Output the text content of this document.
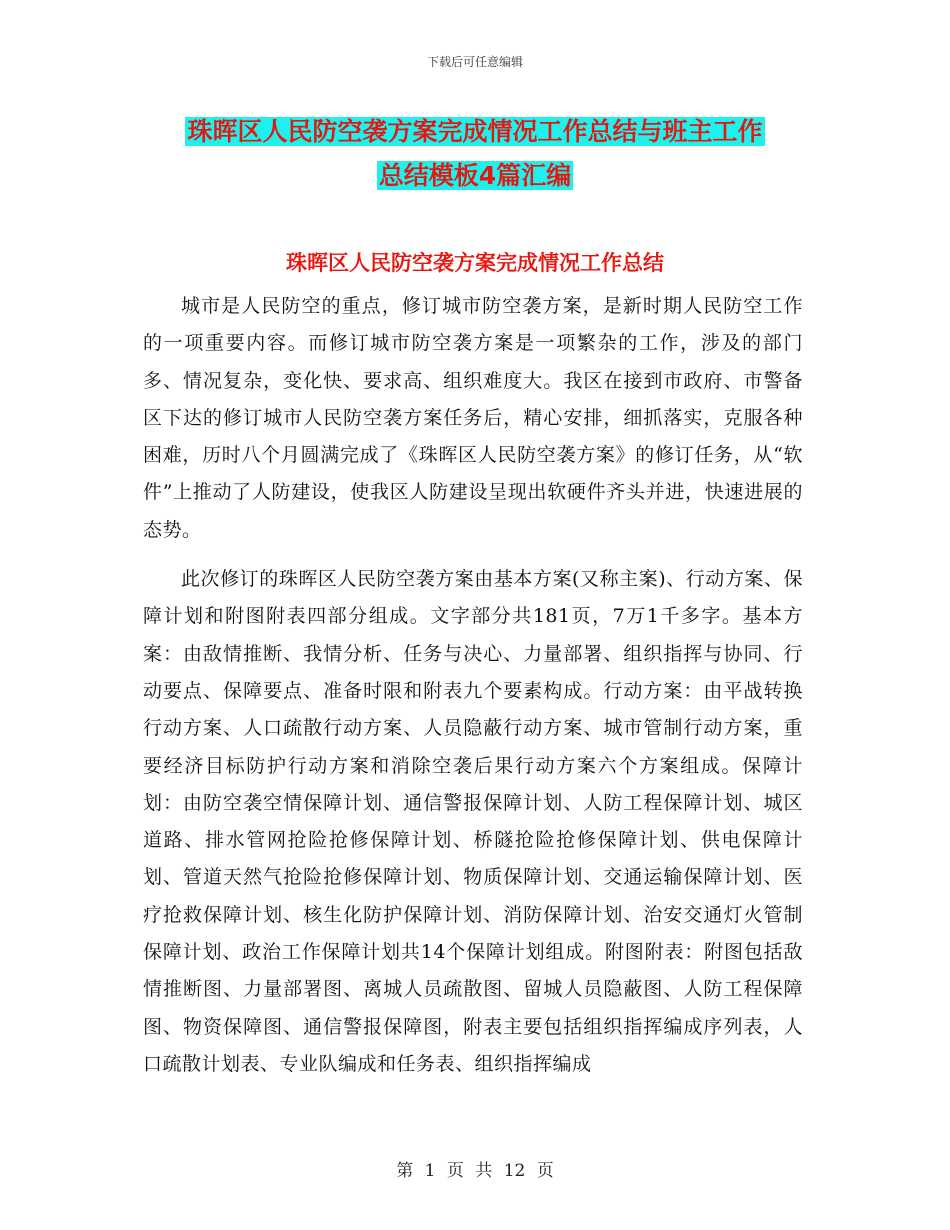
下载后可任意编辑
珠晖区人民防空袭方案完成情况工作总结与班主工作
总结模板4篇汇编
珠晖区人民防空袭方案完成情况工作总结

城市是人民防空的重点，修订城市防空袭方案，是新时期人民防空工作的一项重要内容。而修订城市防空袭方案是一项繁杂的工作，涉及的部门多、情况复杂，变化快、要求高、组织难度大。我区在接到市政府、市警备区下达的修订城市人民防空袭方案任务后，精心安排，细抓落实，克服各种困难，历时八个月圆满完成了《珠晖区人民防空袭方案》的修订任务，从“软件”上推动了人防建设，使我区人防建设呈现出软硬件齐头并进，快速进展的态势。

此次修订的珠晖区人民防空袭方案由基本方案(又称主案)、行动方案、保障计划和附图附表四部分组成。文字部分共181页，7万1千多字。基本方案：由敌情推断、我情分析、任务与决心、力量部署、组织指挥与协同、行动要点、保障要点、准备时限和附表九个要素构成。行动方案：由平战转换行动方案、人口疏散行动方案、人员隐蔽行动方案、城市管制行动方案，重要经济目标防护行动方案和消除空袭后果行动方案六个方案组成。保障计划：由防空袭空情保障计划、通信警报保障计划、人防工程保障计划、城区道路、排水管网抢险抢修保障计划、桥隧抢险抢修保障计划、供电保障计划、管道天然气抢险抢修保障计划、物质保障计划、交通运输保障计划、医疗抢救保障计划、核生化防护保障计划、消防保障计划、治安交通灯火管制保障计划、政治工作保障计划共14个保障计划组成。附图附表：附图包括敌情推断图、力量部署图、离城人员疏散图、留城人员隐蔽图、人防工程保障图、物资保障图、通信警报保障图，附表主要包括组织指挥编成序列表，人口疏散计划表、专业队编成和任务表、组织指挥编成

第 1 页 共 12 页
